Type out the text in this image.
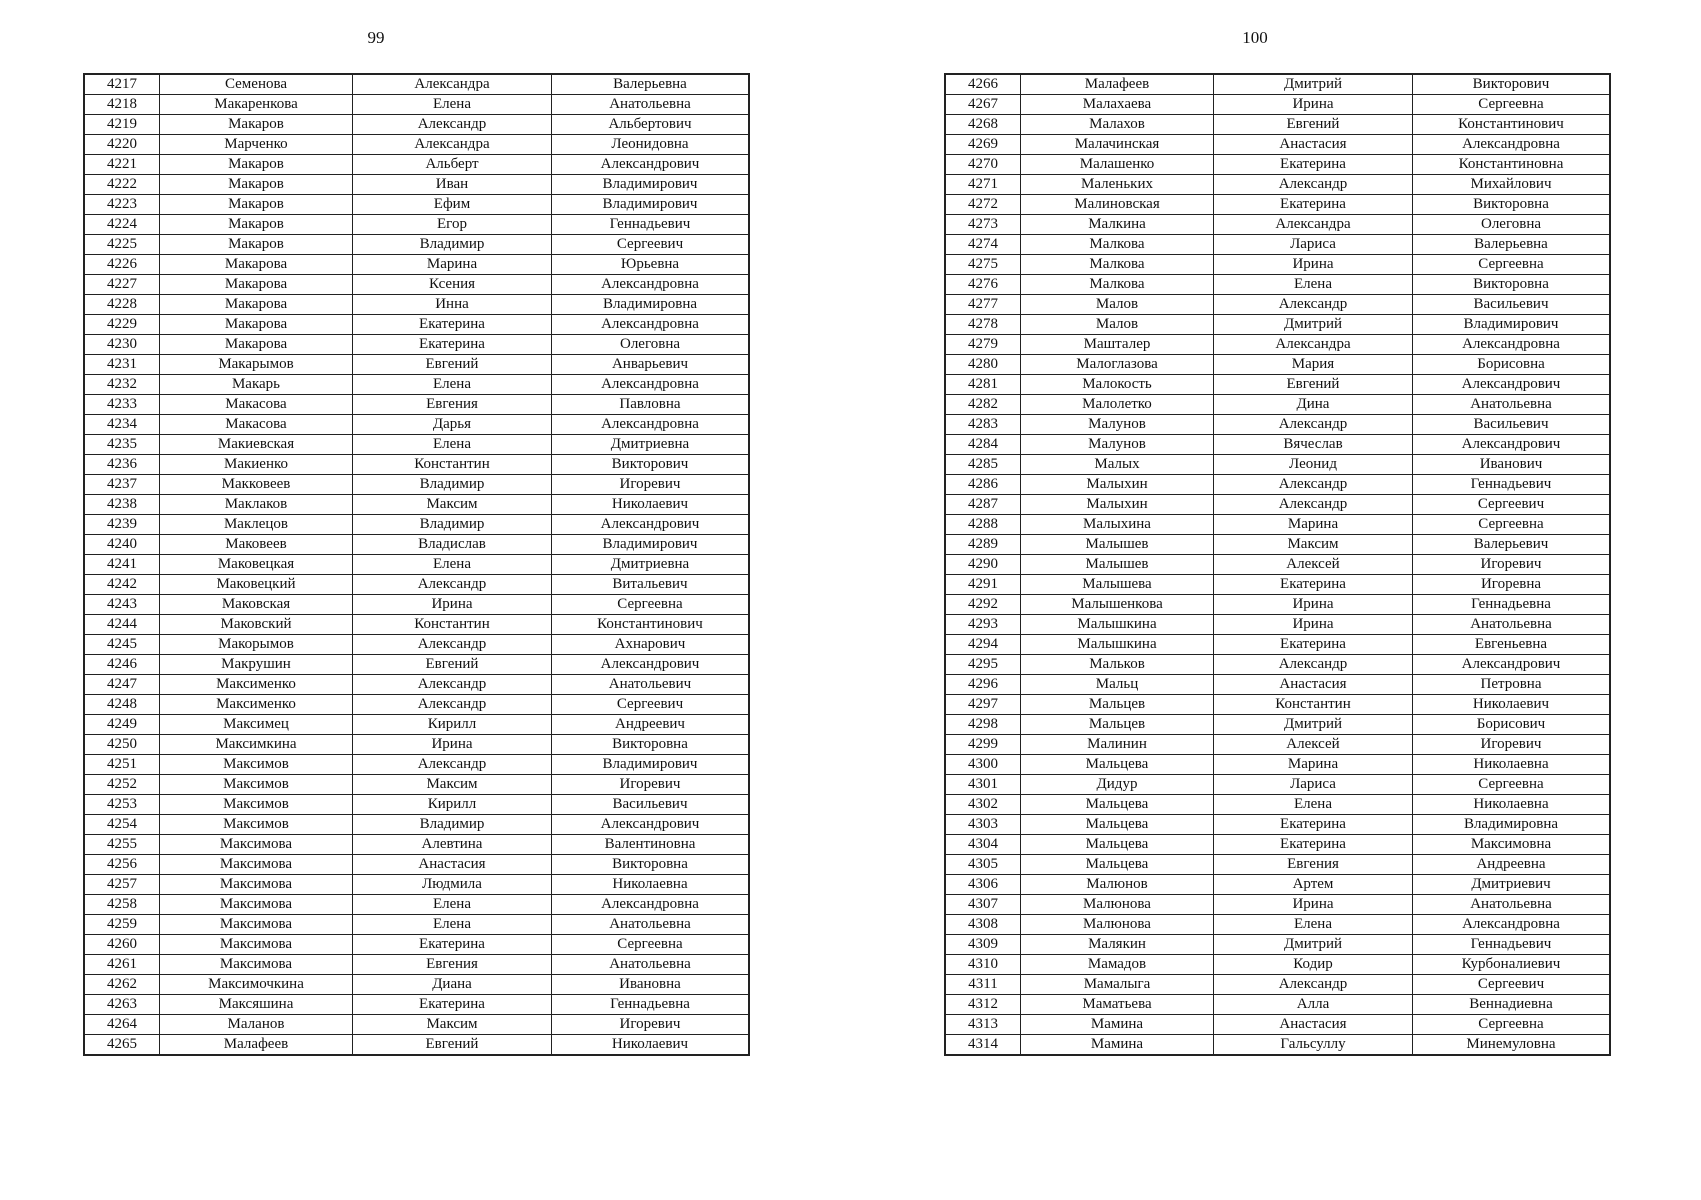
99
4217	Семенова	Александра	Валерьевна
4218	Макаренкова	Елена	Анатольевна
4219	Макаров	Александр	Альбертович
4220	Марченко	Александра	Леонидовна
4221	Макаров	Альберт	Александрович
4222	Макаров	Иван	Владимирович
4223	Макаров	Ефим	Владимирович
4224	Макаров	Егор	Геннадьевич
4225	Макаров	Владимир	Сергеевич
4226	Макарова	Марина	Юрьевна
4227	Макарова	Ксения	Александровна
4228	Макарова	Инна	Владимировна
4229	Макарова	Екатерина	Александровна
4230	Макарова	Екатерина	Олеговна
4231	Макарымов	Евгений	Анварьевич
4232	Макарь	Елена	Александровна
4233	Макасова	Евгения	Павловна
4234	Макасова	Дарья	Александровна
4235	Макиевская	Елена	Дмитриевна
4236	Макиенко	Константин	Викторович
4237	Макковеев	Владимир	Игоревич
4238	Маклаков	Максим	Николаевич
4239	Маклецов	Владимир	Александрович
4240	Маковеев	Владислав	Владимирович
4241	Маковецкая	Елена	Дмитриевна
4242	Маковецкий	Александр	Витальевич
4243	Маковская	Ирина	Сергеевна
4244	Маковский	Константин	Константинович
4245	Макорымов	Александр	Ахнарович
4246	Макрушин	Евгений	Александрович
4247	Максименко	Александр	Анатольевич
4248	Максименко	Александр	Сергеевич
4249	Максимец	Кирилл	Андреевич
4250	Максимкина	Ирина	Викторовна
4251	Максимов	Александр	Владимирович
4252	Максимов	Максим	Игоревич
4253	Максимов	Кирилл	Васильевич
4254	Максимов	Владимир	Александрович
4255	Максимова	Алевтина	Валентиновна
4256	Максимова	Анастасия	Викторовна
4257	Максимова	Людмила	Николаевна
4258	Максимова	Елена	Александровна
4259	Максимова	Елена	Анатольевна
4260	Максимова	Екатерина	Сергеевна
4261	Максимова	Евгения	Анатольевна
4262	Максимочкина	Диана	Ивановна
4263	Максяшина	Екатерина	Геннадьевна
4264	Маланов	Максим	Игоревич
4265	Малафеев	Евгений	Николаевич
100
4266	Малафеев	Дмитрий	Викторович
4267	Малахаева	Ирина	Сергеевна
4268	Малахов	Евгений	Константинович
4269	Малачинская	Анастасия	Александровна
4270	Малашенко	Екатерина	Константиновна
4271	Маленьких	Александр	Михайлович
4272	Малиновская	Екатерина	Викторовна
4273	Малкина	Александра	Олеговна
4274	Малкова	Лариса	Валерьевна
4275	Малкова	Ирина	Сергеевна
4276	Малкова	Елена	Викторовна
4277	Малов	Александр	Васильевич
4278	Малов	Дмитрий	Владимирович
4279	Машталер	Александра	Александровна
4280	Малоглазова	Мария	Борисовна
4281	Малокость	Евгений	Александрович
4282	Малолетко	Дина	Анатольевна
4283	Малунов	Александр	Васильевич
4284	Малунов	Вячеслав	Александрович
4285	Малых	Леонид	Иванович
4286	Малыхин	Александр	Геннадьевич
4287	Малыхин	Александр	Сергеевич
4288	Малыхина	Марина	Сергеевна
4289	Малышев	Максим	Валерьевич
4290	Малышев	Алексей	Игоревич
4291	Малышева	Екатерина	Игоревна
4292	Малышенкова	Ирина	Геннадьевна
4293	Малышкина	Ирина	Анатольевна
4294	Малышкина	Екатерина	Евгеньевна
4295	Мальков	Александр	Александрович
4296	Мальц	Анастасия	Петровна
4297	Мальцев	Константин	Николаевич
4298	Мальцев	Дмитрий	Борисович
4299	Малинин	Алексей	Игоревич
4300	Мальцева	Марина	Николаевна
4301	Дидур	Лариса	Сергеевна
4302	Мальцева	Елена	Николаевна
4303	Мальцева	Екатерина	Владимировна
4304	Мальцева	Екатерина	Максимовна
4305	Мальцева	Евгения	Андреевна
4306	Малюнов	Артем	Дмитриевич
4307	Малюнова	Ирина	Анатольевна
4308	Малюнова	Елена	Александровна
4309	Малякин	Дмитрий	Геннадьевич
4310	Мамадов	Кодир	Курбоналиевич
4311	Мамалыга	Александр	Сергеевич
4312	Маматьева	Алла	Веннадиевна
4313	Мамина	Анастасия	Сергеевна
4314	Мамина	Гальсуллу	Минемуловна
